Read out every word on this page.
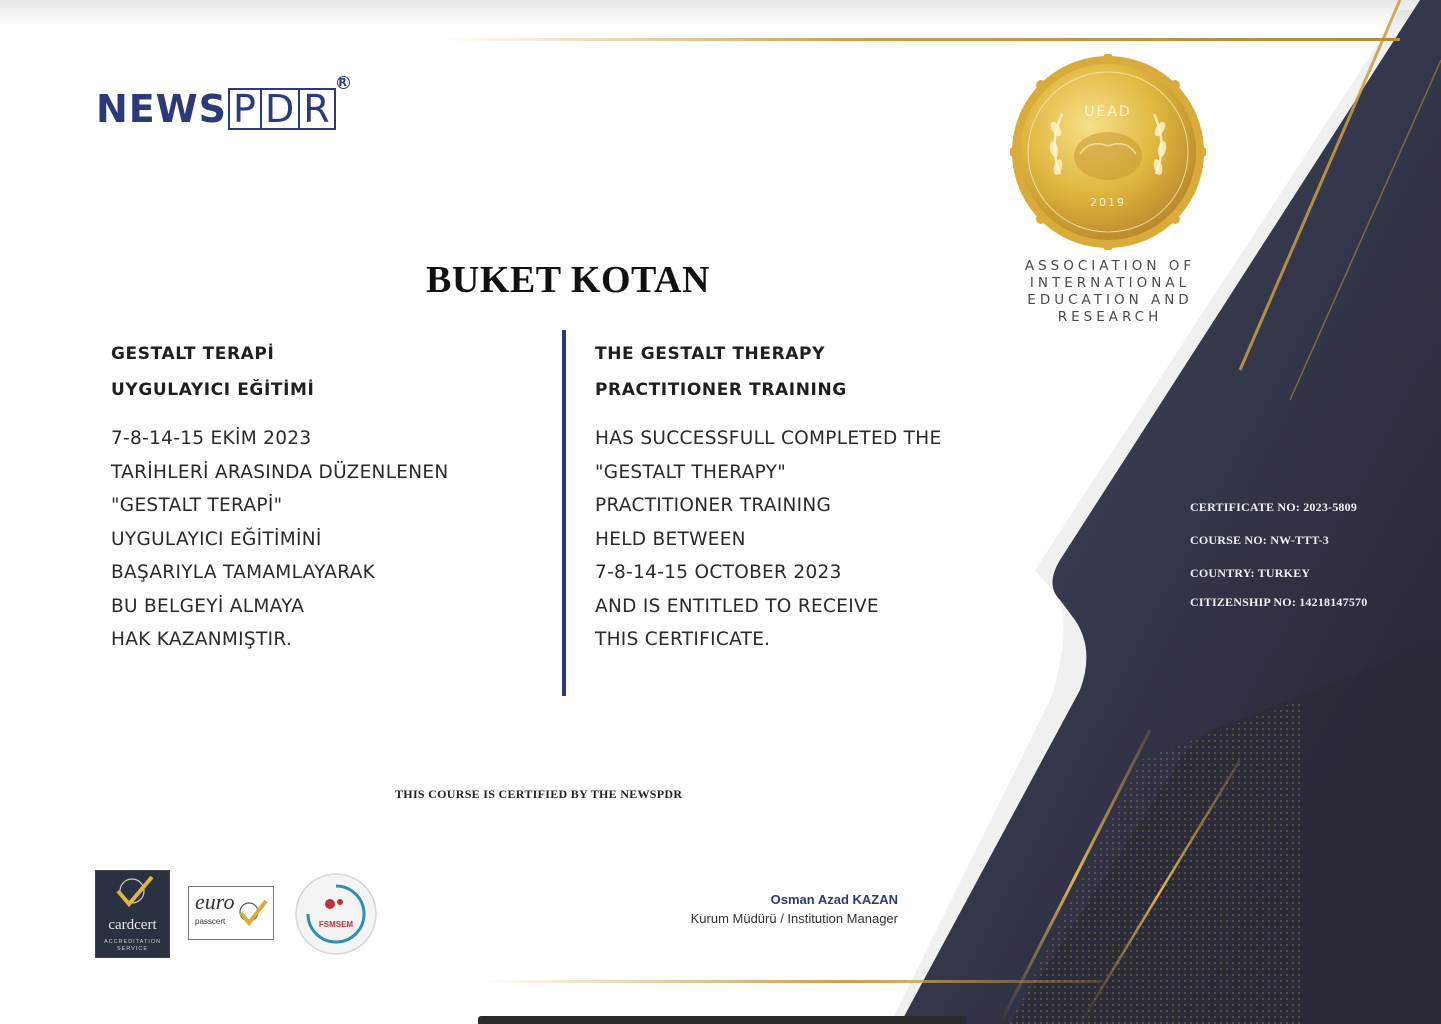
NEWS P D R
R
UEAD
2019
ASSOCIATION OF
INTERNATIONAL
EDUCATION AND
RESEARCH
BUKET KOTAN
GESTALT TERAPİ
UYGULAYICI EĞİTİMİ
7-8-14-15 EKİM 2023
TARİHLERİ ARASINDA DÜZENLENEN
"GESTALT TERAPİ"
UYGULAYICI EĞİTİMİNİ
BAŞARIYLA TAMAMLAYARAK
BU BELGEYİ ALMAYA
HAK KAZANMIŞTIR.
THE GESTALT THERAPY
PRACTITIONER TRAINING
HAS SUCCESSFULL COMPLETED THE
"GESTALT THERAPY"
PRACTITIONER TRAINING
HELD BETWEEN
7-8-14-15 OCTOBER 2023
AND IS ENTITLED TO RECEIVE
THIS CERTIFICATE.
THIS COURSE IS CERTIFIED BY THE NEWSPDR
CERTIFICATE NO: 2023-5809
COURSE NO: NW-TTT-3
COUNTRY: TURKEY
CITIZENSHIP NO: 14218147570
Osman Azad KAZAN
Kurum Müdürü / Institution Manager
cardcert
ACCREDITATION SERVICE
euro
passcert	FSMSEM
